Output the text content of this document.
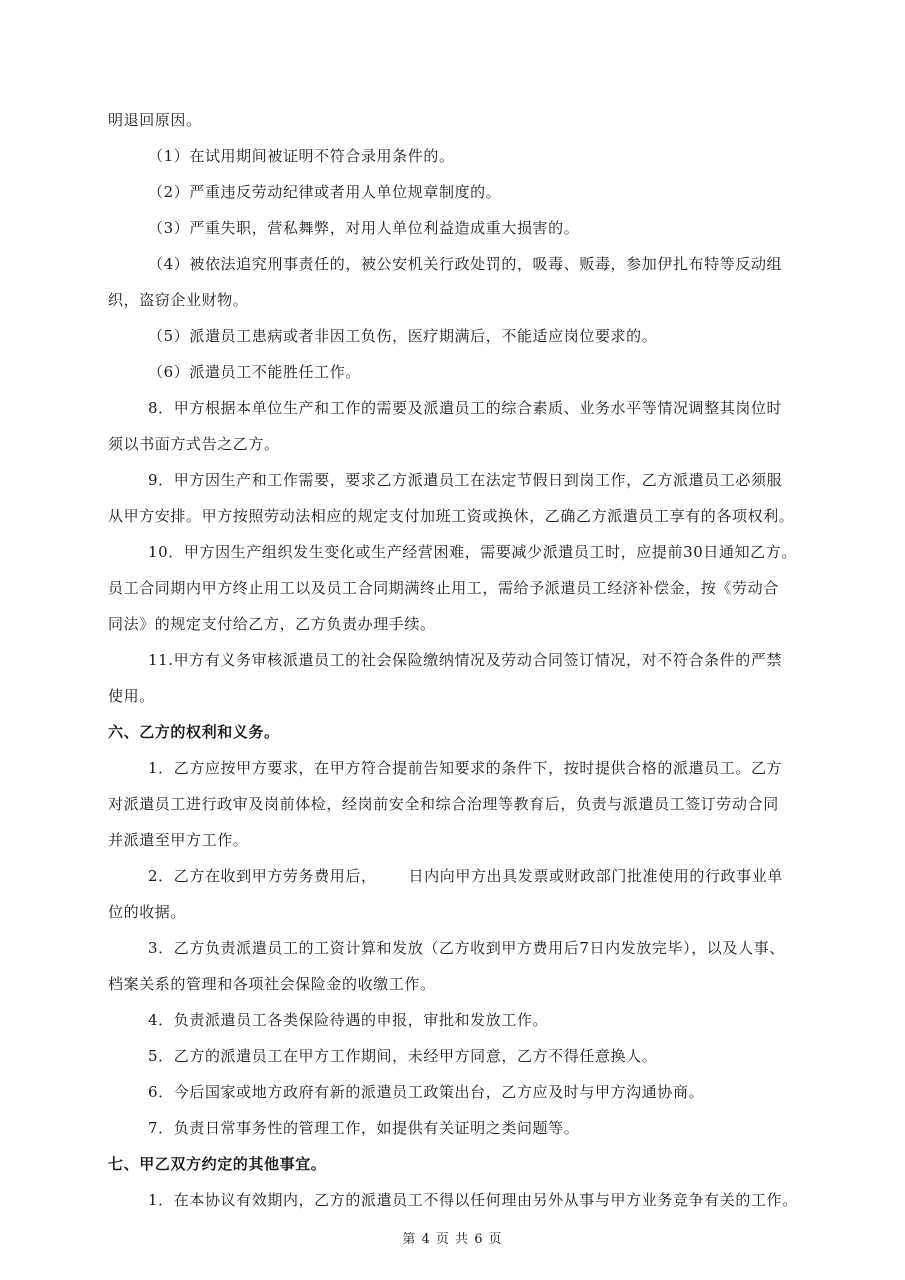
明退回原因。
（1）在试用期间被证明不符合录用条件的。
（2）严重违反劳动纪律或者用人单位规章制度的。
（3）严重失职，营私舞弊，对用人单位利益造成重大损害的。
（4）被依法追究刑事责任的，被公安机关行政处罚的，吸毒、贩毒，参加伊扎布特等反动组
织，盗窃企业财物。
（5）派遣员工患病或者非因工负伤，医疗期满后，不能适应岗位要求的。
（6）派遣员工不能胜任工作。
8．甲方根据本单位生产和工作的需要及派遣员工的综合素质、业务水平等情况调整其岗位时
须以书面方式告之乙方。
9．甲方因生产和工作需要，要求乙方派遣员工在法定节假日到岗工作，乙方派遣员工必须服
从甲方安排。甲方按照劳动法相应的规定支付加班工资或换休，乙确乙方派遣员工享有的各项权利。
10．甲方因生产组织发生变化或生产经营困难，需要减少派遣员工时，应提前30日通知乙方。
员工合同期内甲方终止用工以及员工合同期满终止用工，需给予派遣员工经济补偿金，按《劳动合
同法》的规定支付给乙方，乙方负责办理手续。
11.甲方有义务审核派遣员工的社会保险缴纳情况及劳动合同签订情况，对不符合条件的严禁
使用。
六、乙方的权利和义务。
1．乙方应按甲方要求，在甲方符合提前告知要求的条件下，按时提供合格的派遣员工。乙方
对派遣员工进行政审及岗前体检，经岗前安全和综合治理等教育后，负责与派遣员工签订劳动合同
并派遣至甲方工作。
2．乙方在收到甲方劳务费用后， 日内向甲方出具发票或财政部门批准使用的行政事业单
位的收据。
3．乙方负责派遣员工的工资计算和发放（乙方收到甲方费用后7日内发放完毕），以及人事、
档案关系的管理和各项社会保险金的收缴工作。
4．负责派遣员工各类保险待遇的申报，审批和发放工作。
5．乙方的派遣员工在甲方工作期间，未经甲方同意，乙方不得任意换人。
6．今后国家或地方政府有新的派遣员工政策出台，乙方应及时与甲方沟通协商。
7．负责日常事务性的管理工作，如提供有关证明之类问题等。
七、甲乙双方约定的其他事宜。
1．在本协议有效期内，乙方的派遣员工不得以任何理由另外从事与甲方业务竞争有关的工作。
第 4 页 共 6 页
